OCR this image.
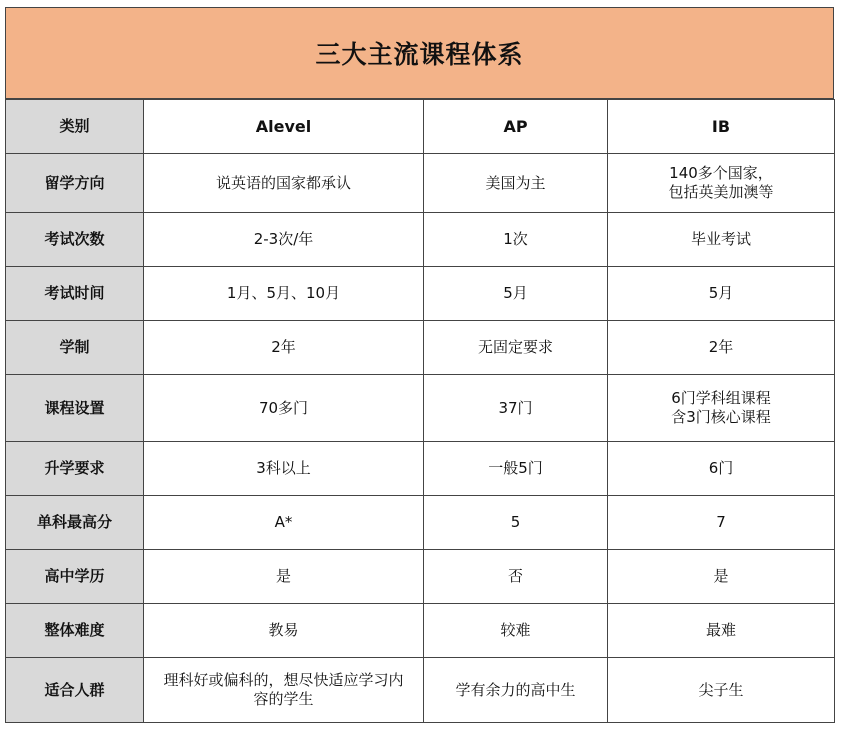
三大主流课程体系
类别	Alevel	AP	IB
留学方向	说英语的国家都承认	美国为主	140多个国家，
包括英美加澳等

考试次数	2-3次/年	1次	毕业考试

考试时间	1月、5月、10月	5月	5月

学制	2年	无固定要求	2年

课程设置	70多门	37门	6门学科组课程
含3门核心课程

升学要求	3科以上	一般5门	6门

单科最高分	A*	5	7

高中学历	是	否	是

整体难度	教易	较难	最难

适合人群	理科好或偏科的，想尽快适应学习内
容的学生	学有余力的高中生	尖子生
